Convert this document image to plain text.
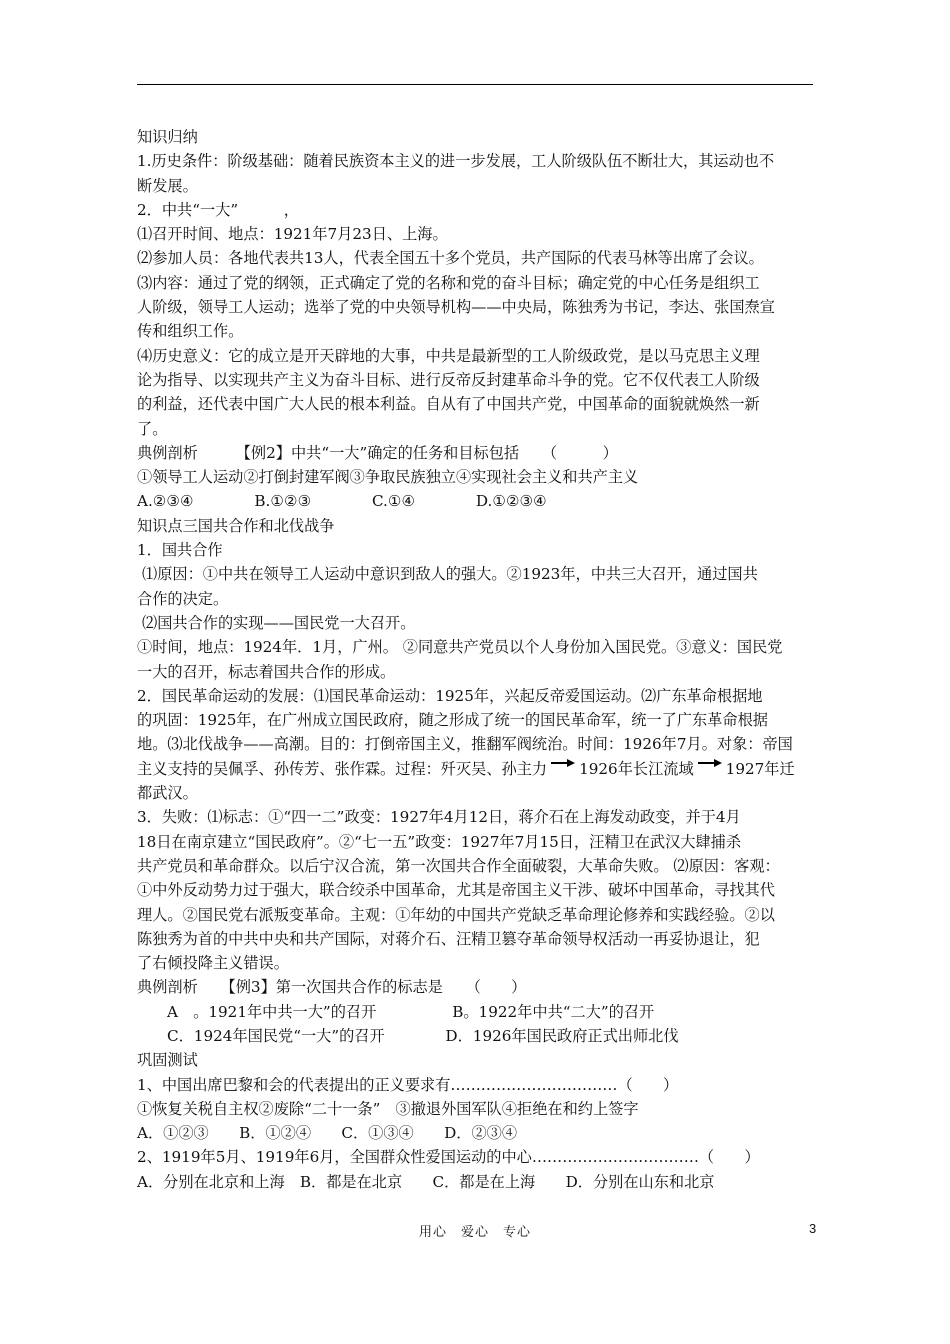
知识归纳

1.历史条件：阶级基础：随着民族资本主义的进一步发展，工人阶级队伍不断壮大，其运动也不

断发展。

2．中共“一大”　　　，

⑴召开时间、地点：1921年7月23日、上海。

⑵参加人员：各地代表共13人，代表全国五十多个党员，共产国际的代表马林等出席了会议。

⑶内容：通过了党的纲领，正式确定了党的名称和党的奋斗目标；确定党的中心任务是组织工

人阶级，领导工人运动；选举了党的中央领导机构——中央局，陈独秀为书记，李达、张国焘宣

传和组织工作。

⑷历史意义：它的成立是开天辟地的大事，中共是最新型的工人阶级政党，是以马克思主义理

论为指导、以实现共产主义为奋斗目标、进行反帝反封建革命斗争的党。它不仅代表工人阶级

的利益，还代表中国广大人民的根本利益。自从有了中国共产党，中国革命的面貌就焕然一新

了。

典例剖析　　　【例2】中共“一大”确定的任务和目标包括　　（　　　）

①领导工人运动②打倒封建军阀③争取民族独立④实现社会主义和共产主义

A.②③④　　　　B.①②③　　　　C.①④　　　　D.①②③④

知识点三国共合作和北伐战争

1．国共合作

⑴原因：①中共在领导工人运动中意识到敌人的强大。②1923年，中共三大召开，通过国共

合作的决定。

⑵国共合作的实现——国民党一大召开。

①时间，地点：1924年．1月，广州。 ②同意共产党员以个人身份加入国民党。③意义：国民党

一大的召开，标志着国共合作的形成。

2．国民革命运动的发展：⑴国民革命运动：1925年，兴起反帝爱国运动。⑵广东革命根据地

的巩固：1925年，在广州成立国民政府，随之形成了统一的国民革命军，统一了广东革命根据

地。⑶北伐战争——高潮。目的：打倒帝国主义，推翻军阀统治。时间：1926年7月。对象：帝国

主义支持的吴佩孚、孙传芳、张作霖。过程：歼灭吴、孙主力 1926年长江流域 1927年迁

都武汉。

3．失败：⑴标志：①“四一二”政变：1927年4月12日，蒋介石在上海发动政变，并于4月

18日在南京建立“国民政府”。②“七一五”政变：1927年7月15日，汪精卫在武汉大肆捕杀

共产党员和革命群众。以后宁汉合流，第一次国共合作全面破裂，大革命失败。 ⑵原因：客观：

①中外反动势力过于强大，联合绞杀中国革命，尤其是帝国主义干涉、破坏中国革命，寻找其代

理人。②国民党右派叛变革命。主观：①年幼的中国共产党缺乏革命理论修养和实践经验。②以

陈独秀为首的中共中央和共产国际，对蒋介石、汪精卫篡夺革命领导权活动一再妥协退让，犯

了右倾投降主义错误。

典例剖析　　【例3】第一次国共合作的标志是　　（　　）

A　。1921年中共一大”的召开　　　　　B。1922年中共“二大”的召开

C．1924年国民党“一大”的召开　　　　D．1926年国民政府正式出师北伐

巩固测试

1、中国出席巴黎和会的代表提出的正义要求有……………………………（　　）

①恢复关税自主权②废除“二十一条”　③撤退外国军队④拒绝在和约上签字

A．①②③　　B．①②④　　C．①③④　　D．②③④

2、1919年5月、1919年6月，全国群众性爱国运动的中心……………………………（　　）

A．分别在北京和上海　B．都是在北京　　C．都是在上海　　D．分别在山东和北京

用心　爱心　专心	3
